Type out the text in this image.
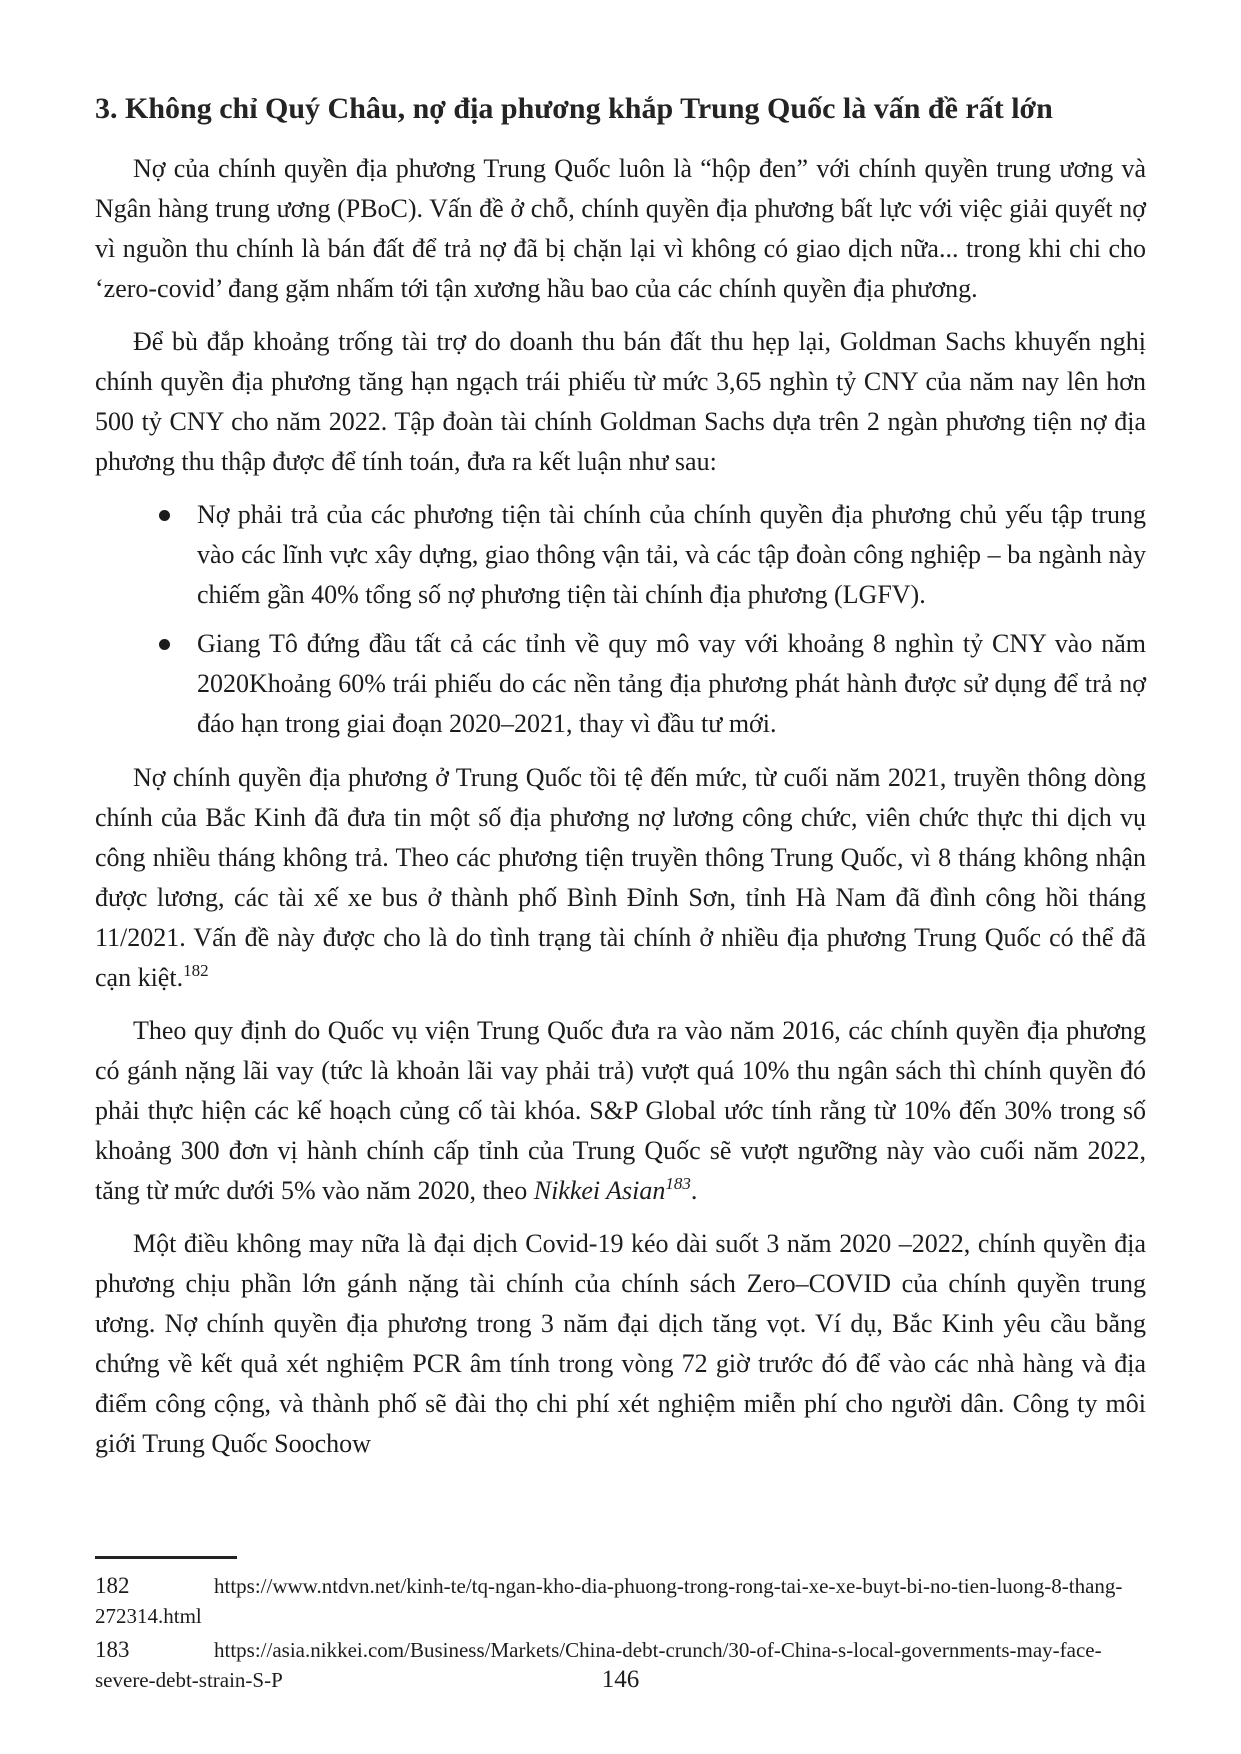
3. Không chỉ Quý Châu, nợ địa phương khắp Trung Quốc là vấn đề rất lớn

Nợ của chính quyền địa phương Trung Quốc luôn là “hộp đen” với chính quyền trung ương và Ngân hàng trung ương (PBoC). Vấn đề ở chỗ, chính quyền địa phương bất lực với việc giải quyết nợ vì nguồn thu chính là bán đất để trả nợ đã bị chặn lại vì không có giao dịch nữa... trong khi chi cho ‘zero-covid’ đang gặm nhấm tới tận xương hầu bao của các chính quyền địa phương.

Để bù đắp khoảng trống tài trợ do doanh thu bán đất thu hẹp lại, Goldman Sachs khuyến nghị chính quyền địa phương tăng hạn ngạch trái phiếu từ mức 3,65 nghìn tỷ CNY của năm nay lên hơn 500 tỷ CNY cho năm 2022. Tập đoàn tài chính Goldman Sachs dựa trên 2 ngàn phương tiện nợ địa phương thu thập được để tính toán, đưa ra kết luận như sau:

Nợ phải trả của các phương tiện tài chính của chính quyền địa phương chủ yếu tập trung vào các lĩnh vực xây dựng, giao thông vận tải, và các tập đoàn công nghiệp – ba ngành này chiếm gần 40% tổng số nợ phương tiện tài chính địa phương (LGFV).
Giang Tô đứng đầu tất cả các tỉnh về quy mô vay với khoảng 8 nghìn tỷ CNY vào năm 2020Khoảng 60% trái phiếu do các nền tảng địa phương phát hành được sử dụng để trả nợ đáo hạn trong giai đoạn 2020–2021, thay vì đầu tư mới.

Nợ chính quyền địa phương ở Trung Quốc tồi tệ đến mức, từ cuối năm 2021, truyền thông dòng chính của Bắc Kinh đã đưa tin một số địa phương nợ lương công chức, viên chức thực thi dịch vụ công nhiều tháng không trả. Theo các phương tiện truyền thông Trung Quốc, vì 8 tháng không nhận được lương, các tài xế xe bus ở thành phố Bình Đỉnh Sơn, tỉnh Hà Nam đã đình công hồi tháng 11/2021. Vấn đề này được cho là do tình trạng tài chính ở nhiều địa phương Trung Quốc có thể đã cạn kiệt.$^{182}$

Theo quy định do Quốc vụ viện Trung Quốc đưa ra vào năm 2016, các chính quyền địa phương có gánh nặng lãi vay (tức là khoản lãi vay phải trả) vượt quá 10% thu ngân sách thì chính quyền đó phải thực hiện các kế hoạch củng cố tài khóa. S&P Global ước tính rằng từ 10% đến 30% trong số khoảng 300 đơn vị hành chính cấp tỉnh của Trung Quốc sẽ vượt ngưỡng này vào cuối năm 2022, tăng từ mức dưới 5% vào năm 2020, theo Nikkei Asian$^{183}$.

Một điều không may nữa là đại dịch Covid-19 kéo dài suốt 3 năm 2020 –2022, chính quyền địa phương chịu phần lớn gánh nặng tài chính của chính sách Zero–COVID của chính quyền trung ương. Nợ chính quyền địa phương trong 3 năm đại dịch tăng vọt. Ví dụ, Bắc Kinh yêu cầu bằng chứng về kết quả xét nghiệm PCR âm tính trong vòng 72 giờ trước đó để vào các nhà hàng và địa điểm công cộng, và thành phố sẽ đài thọ chi phí xét nghiệm miễn phí cho người dân. Công ty môi giới Trung Quốc Soochow

182	https://www.ntdvn.net/kinh-te/tq-ngan-kho-dia-phuong-trong-rong-tai-xe-xe-buyt-bi-no-tien-luong-8-thang-272314.html

183	https://asia.nikkei.com/Business/Markets/China-debt-crunch/30-of-China-s-local-governments-may-face-severe-debt-strain-S-P	146
